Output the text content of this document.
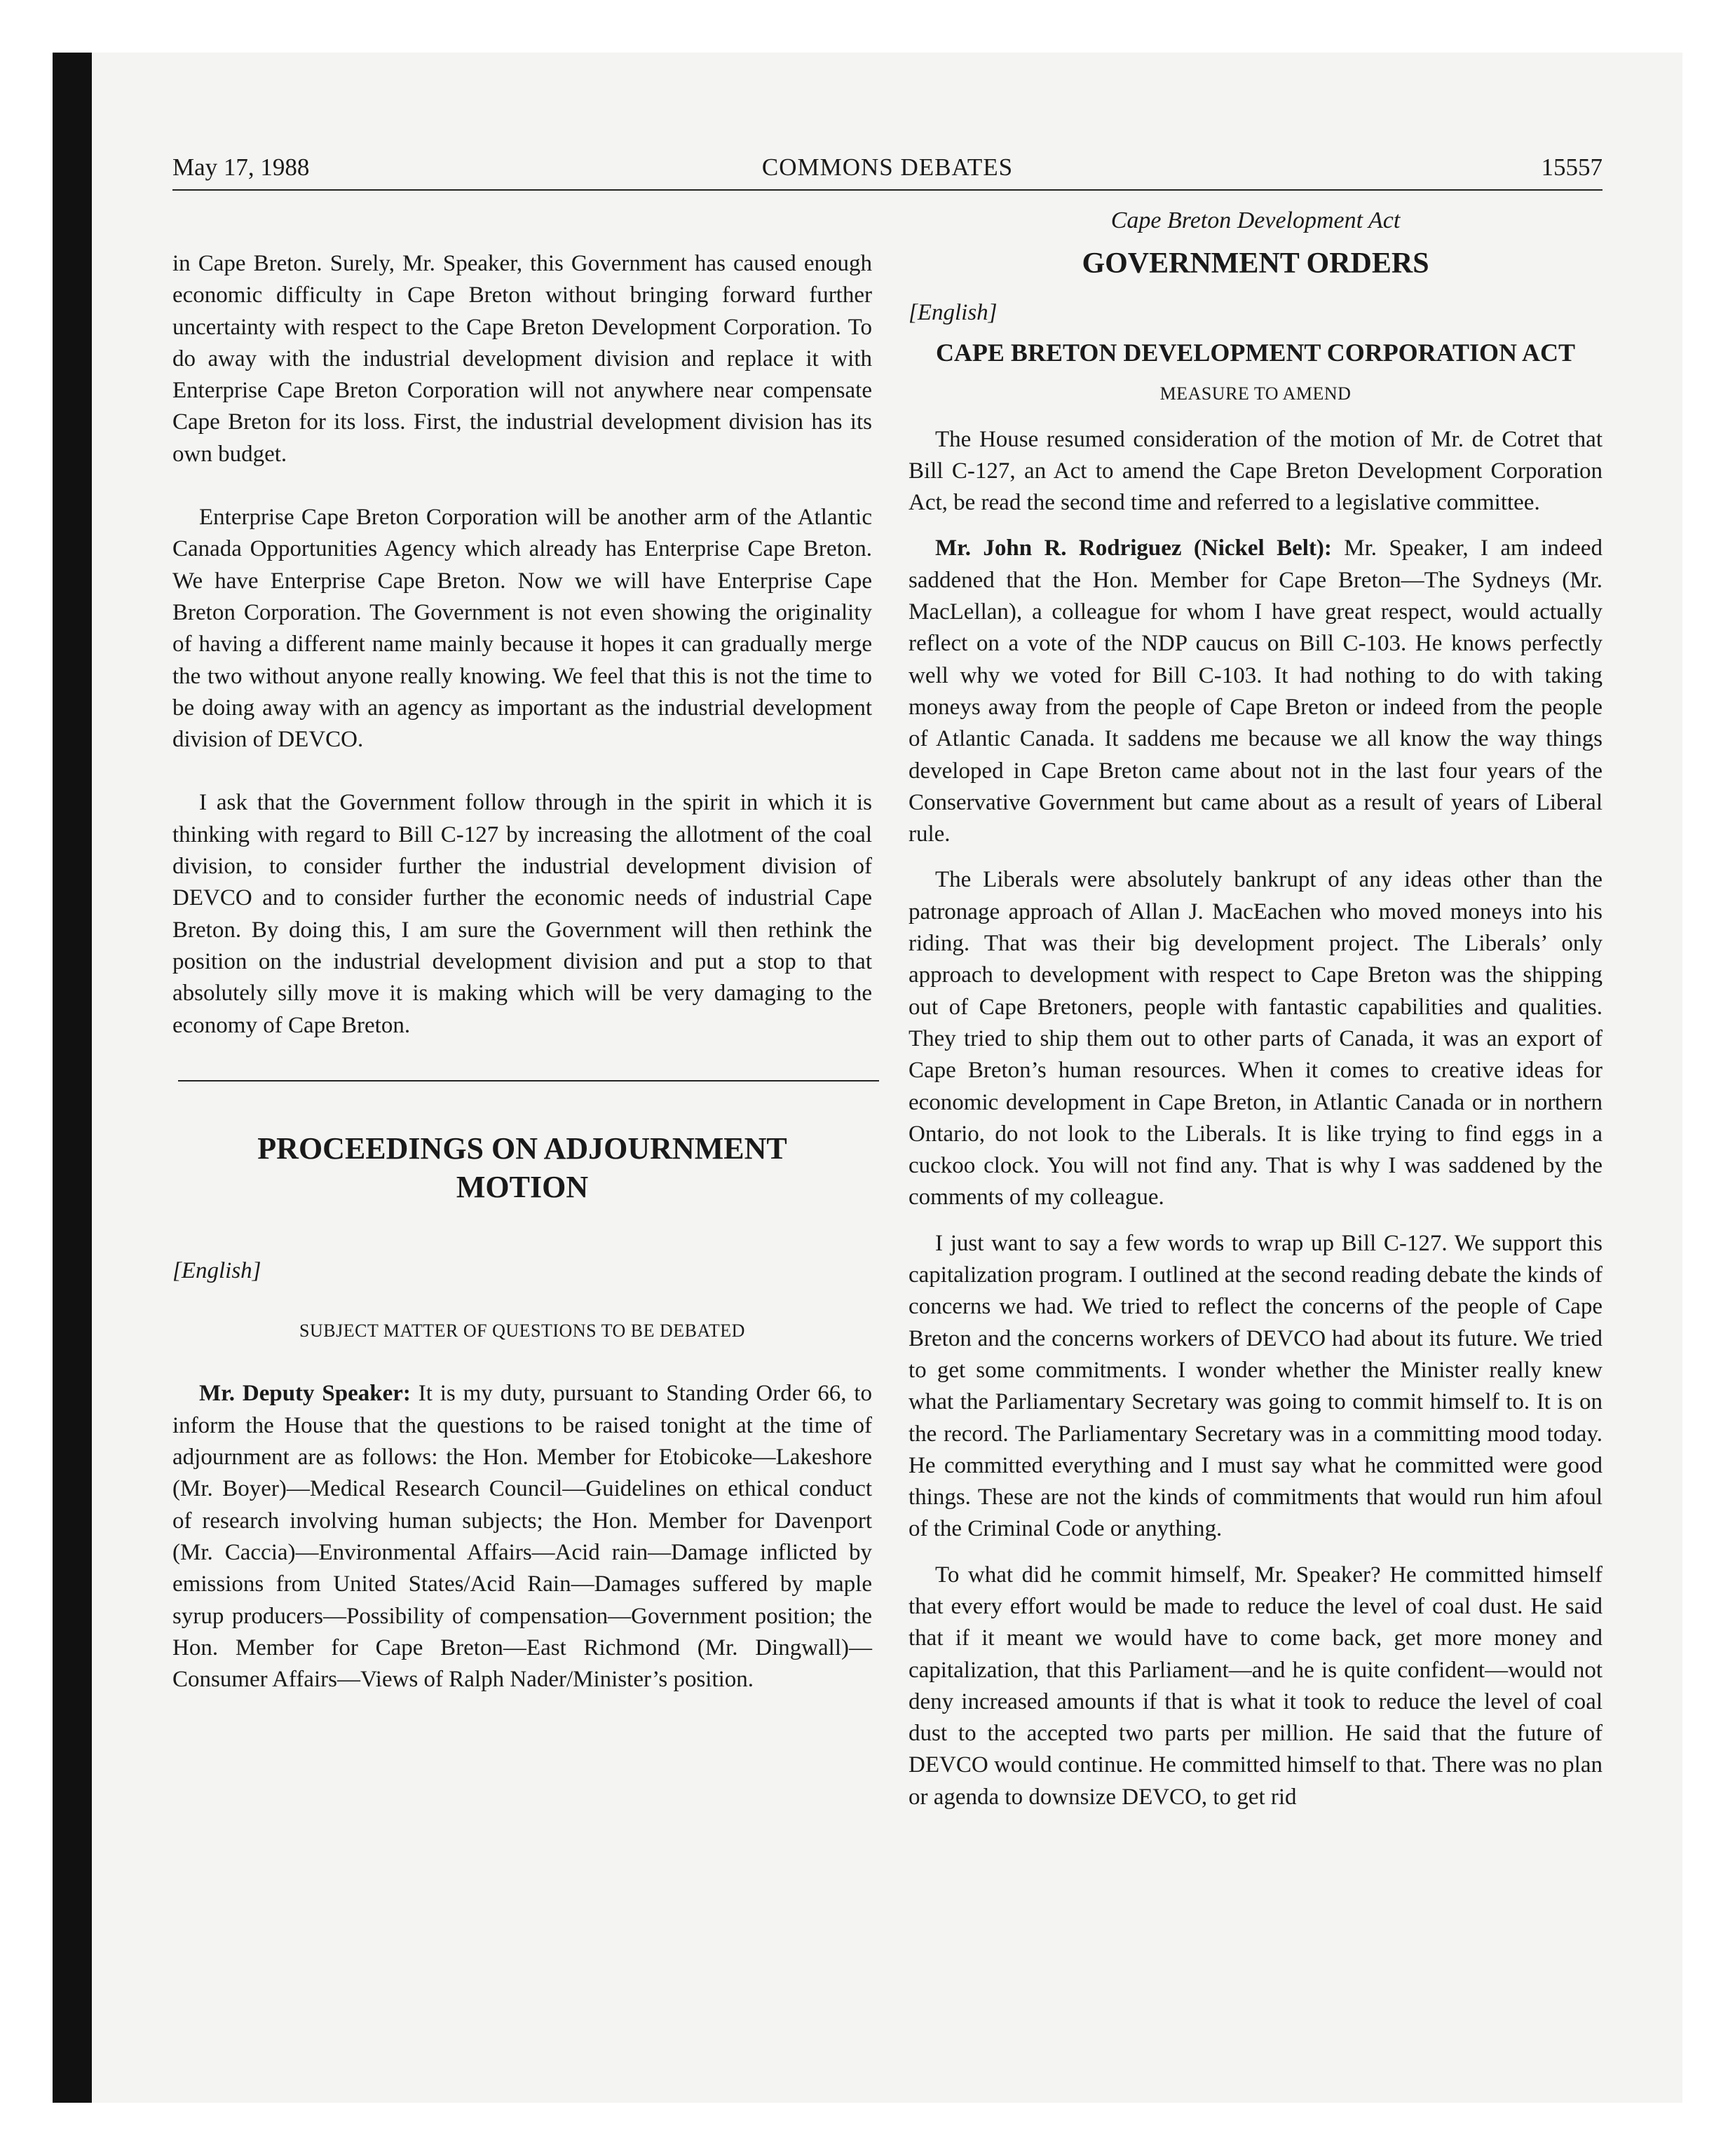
May 17, 1988	COMMONS DEBATES	15557

in Cape Breton. Surely, Mr. Speaker, this Government has caused enough economic difficulty in Cape Breton without bringing forward further uncertainty with respect to the Cape Breton Development Corporation. To do away with the industrial development division and replace it with Enterprise Cape Breton Corporation will not anywhere near compensate Cape Breton for its loss. First, the industrial development division has its own budget.

Enterprise Cape Breton Corporation will be another arm of the Atlantic Canada Opportunities Agency which already has Enterprise Cape Breton. We have Enterprise Cape Breton. Now we will have Enterprise Cape Breton Corporation. The Government is not even showing the originality of having a different name mainly because it hopes it can gradually merge the two without anyone really knowing. We feel that this is not the time to be doing away with an agency as important as the industrial development division of DEVCO.

I ask that the Government follow through in the spirit in which it is thinking with regard to Bill C-127 by increasing the allotment of the coal division, to consider further the industrial development division of DEVCO and to consider further the economic needs of industrial Cape Breton. By doing this, I am sure the Government will then rethink the position on the industrial development division and put a stop to that absolutely silly move it is making which will be very damaging to the economy of Cape Breton.

PROCEEDINGS ON ADJOURNMENT
MOTION
[English]
SUBJECT MATTER OF QUESTIONS TO BE DEBATED

Mr. Deputy Speaker: It is my duty, pursuant to Standing Order 66, to inform the House that the questions to be raised tonight at the time of adjournment are as follows: the Hon. Member for Etobicoke—Lakeshore (Mr. Boyer)—Medical Research Council—Guidelines on ethical conduct of research involving human subjects; the Hon. Member for Davenport (Mr. Caccia)—Environmental Affairs—Acid rain—Damage inflicted by emissions from United States/Acid Rain—Damages suffered by maple syrup producers—Possibility of compensation—Government position; the Hon. Member for Cape Breton—East Richmond (Mr. Dingwall)—Consumer Affairs—Views of Ralph Nader/Minister’s position.

Cape Breton Development Act
GOVERNMENT ORDERS
[English]
CAPE BRETON DEVELOPMENT CORPORATION ACT
MEASURE TO AMEND

The House resumed consideration of the motion of Mr. de Cotret that Bill C-127, an Act to amend the Cape Breton Development Corporation Act, be read the second time and referred to a legislative committee.

Mr. John R. Rodriguez (Nickel Belt): Mr. Speaker, I am indeed saddened that the Hon. Member for Cape Breton—The Sydneys (Mr. MacLellan), a colleague for whom I have great respect, would actually reflect on a vote of the NDP caucus on Bill C-103. He knows perfectly well why we voted for Bill C-103. It had nothing to do with taking moneys away from the people of Cape Breton or indeed from the people of Atlantic Canada. It saddens me because we all know the way things developed in Cape Breton came about not in the last four years of the Conservative Government but came about as a result of years of Liberal rule.

The Liberals were absolutely bankrupt of any ideas other than the patronage approach of Allan J. MacEachen who moved moneys into his riding. That was their big development project. The Liberals’ only approach to development with respect to Cape Breton was the shipping out of Cape Bretoners, people with fantastic capabilities and qualities. They tried to ship them out to other parts of Canada, it was an export of Cape Breton’s human resources. When it comes to creative ideas for economic development in Cape Breton, in Atlantic Canada or in northern Ontario, do not look to the Liberals. It is like trying to find eggs in a cuckoo clock. You will not find any. That is why I was saddened by the comments of my colleague.

I just want to say a few words to wrap up Bill C-127. We support this capitalization program. I outlined at the second reading debate the kinds of concerns we had. We tried to reflect the concerns of the people of Cape Breton and the concerns workers of DEVCO had about its future. We tried to get some commitments. I wonder whether the Minister really knew what the Parliamentary Secretary was going to commit himself to. It is on the record. The Parliamentary Secretary was in a committing mood today. He committed everything and I must say what he committed were good things. These are not the kinds of commitments that would run him afoul of the Criminal Code or anything.

To what did he commit himself, Mr. Speaker? He committed himself that every effort would be made to reduce the level of coal dust. He said that if it meant we would have to come back, get more money and capitalization, that this Parliament—and he is quite confident—would not deny increased amounts if that is what it took to reduce the level of coal dust to the accepted two parts per million. He said that the future of DEVCO would continue. He committed himself to that. There was no plan or agenda to downsize DEVCO, to get rid
